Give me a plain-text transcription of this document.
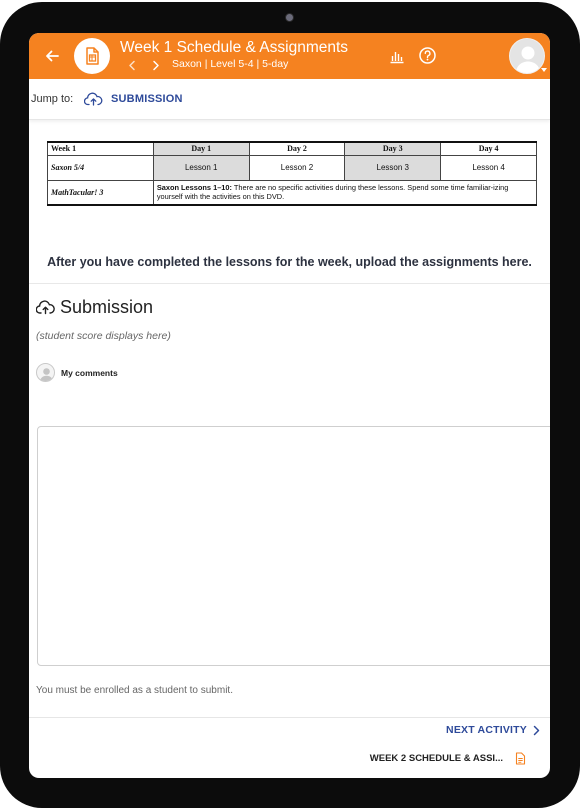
Week 1 Schedule & Assignments
Saxon | Level 5-4 | 5-day
Jump to:	SUBMISSION
Week 1	Day 1	Day 2	Day 3	Day 4
Saxon 5/4	Lesson 1	Lesson 2	Lesson 3	Lesson 4
MathTacular! 3	Saxon Lessons 1–10: There are no specific activities during these lessons. Spend some time familiar-izing yourself with the activities on this DVD.			
After you have completed the lessons for the week, upload the assignments here.
Submission
(student score displays here)
My comments
You must be enrolled as a student to submit.
NEXT ACTIVITY
WEEK 2 SCHEDULE & ASSI...
